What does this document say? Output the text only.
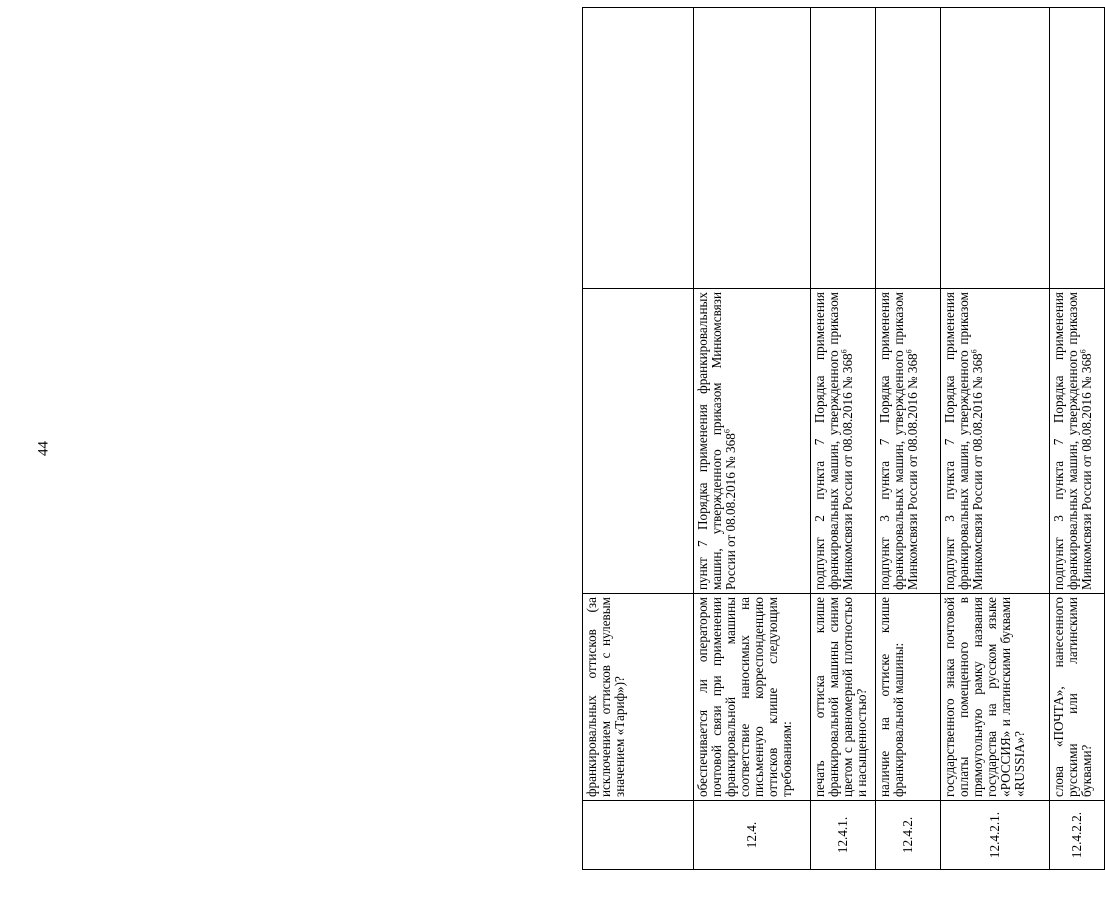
44
	франкировальных оттисков (за исключением оттисков с нулевым значением «Тариф»)?		
12.4.	обеспечивается ли оператором почтовой связи при применении франкировальной машины соответствие наносимых на письменную корреспонденцию оттисков клише следующим требованиям:	пункт 7 Порядка применения франкировальных машин, утвержденного приказом Минкомсвязи России от 08.08.2016 № $368^6$	
12.4.1.	печать оттиска клише франкировальной машины синим цветом с равномерной плотностью и насыщенностью?	подпункт 2 пункта 7 Порядка применения франкировальных машин, утвержденного приказом Минкомсвязи России от 08.08.2016 № $368^6$	
12.4.2.	наличие на оттиске клише франкировальной машины:	подпункт 3 пункта 7 Порядка применения франкировальных машин, утвержденного приказом Минкомсвязи России от 08.08.2016 № $368^6$	
12.4.2.1.	государственного знака почтовой оплаты помещенного в прямоугольную рамку названия государства на русском языке «РОССИЯ» и латинскими буквами «RUSSIA»?	подпункт 3 пункта 7 Порядка применения франкировальных машин, утвержденного приказом Минкомсвязи России от 08.08.2016 № $368^6$	
12.4.2.2.	слова «ПОЧТА», нанесенного русскими или латинскими буквами?	подпункт 3 пункта 7 Порядка применения франкировальных машин, утвержденного приказом Минкомсвязи России от 08.08.2016 № $368^6$	
